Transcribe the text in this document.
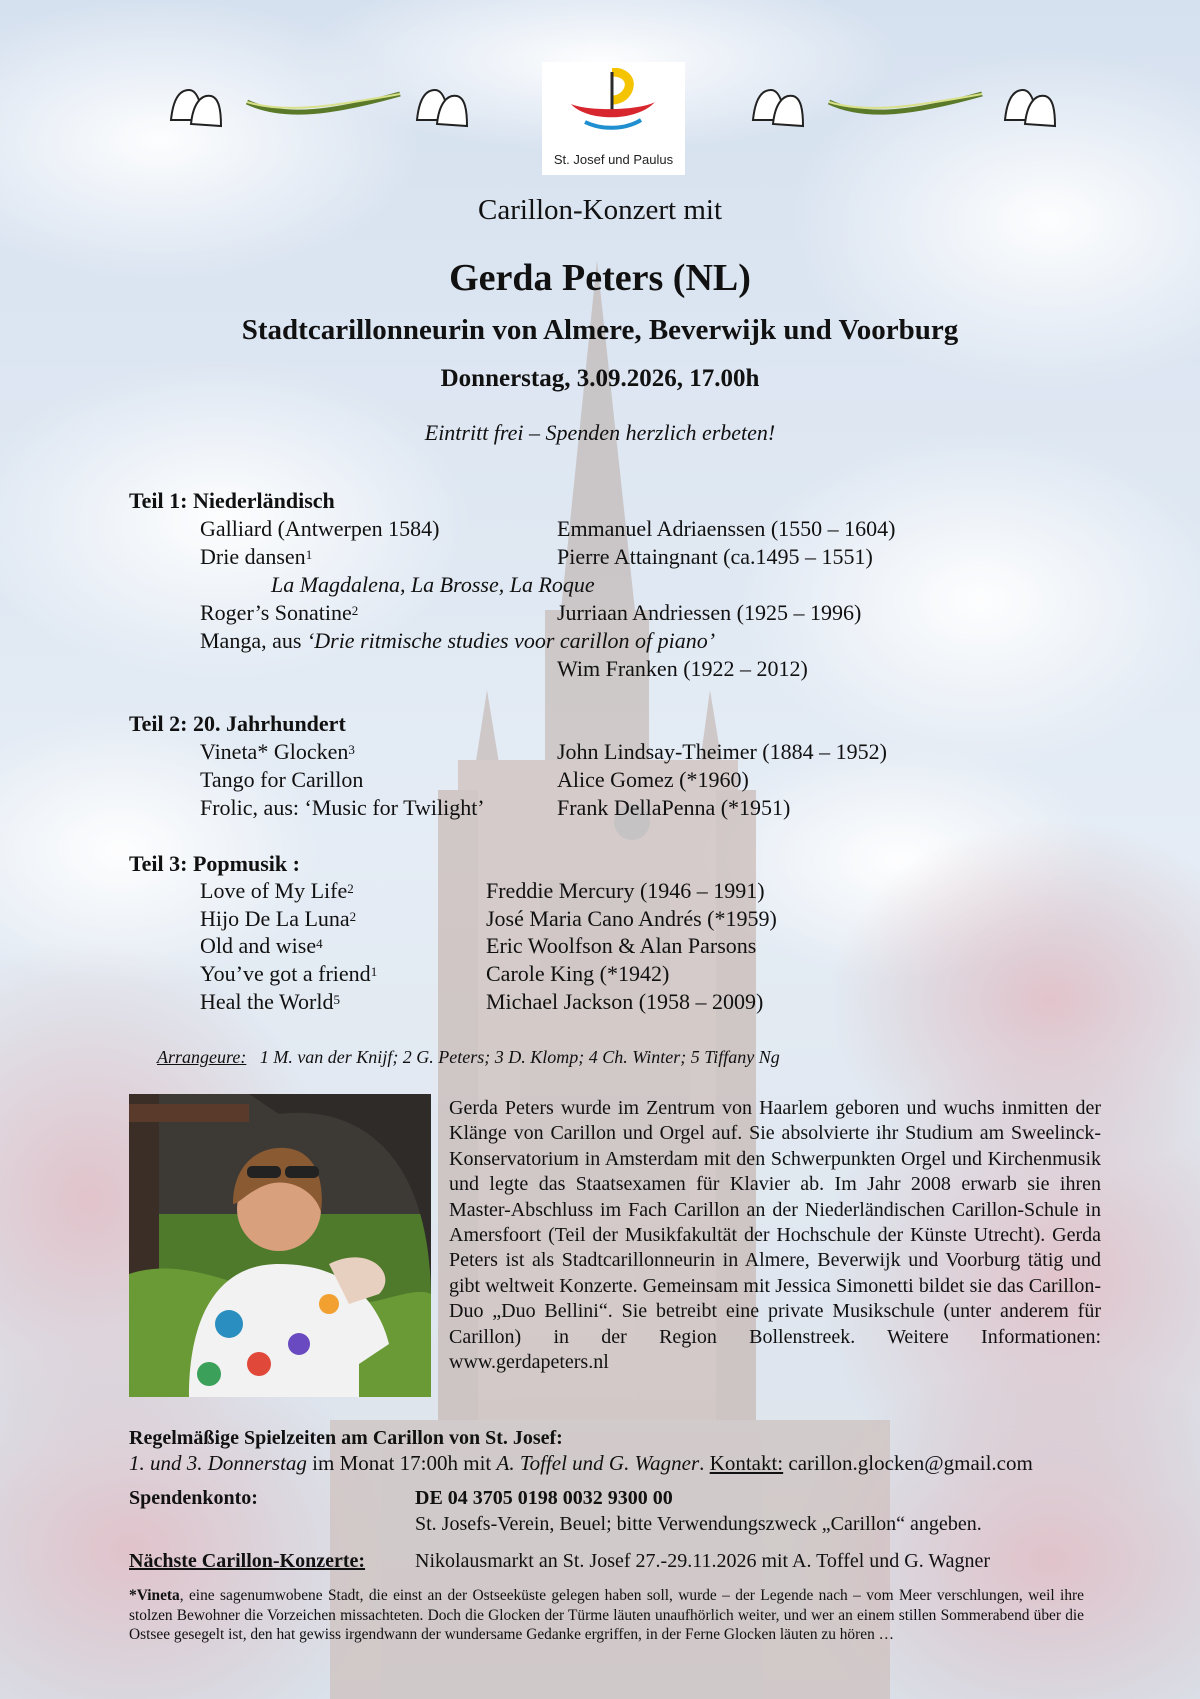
St. Josef und Paulus
Carillon-Konzert mit
Gerda Peters (NL)
Stadtcarillonneurin von Almere, Beverwijk und Voorburg
Donnerstag, 3.09.2026, 17.00h
Eintritt frei – Spenden herzlich erbeten!
Teil 1: Niederländisch
Galliard (Antwerpen 1584)	Emmanuel Adriaenssen (1550 – 1604)
Drie dansen$^1$	Pierre Attaingnant (ca.1495 – 1551)
La Magdalena, La Brosse, La Roque
Roger’s Sonatine$^2$	Jurriaan Andriessen (1925 – 1996)
Manga, aus ‘Drie ritmische studies voor carillon of piano’
Wim Franken (1922 – 2012)
Teil 2: 20. Jahrhundert
Vineta* Glocken$^3$	John Lindsay-Theimer (1884 – 1952)
Tango for Carillon	Alice Gomez (*1960)
Frolic, aus: ‘Music for Twilight’	Frank DellaPenna (*1951)
Teil 3: Popmusik :
Love of My Life$^2$	Freddie Mercury (1946 – 1991)
Hijo De La Luna$^2$	José Maria Cano Andrés (*1959)
Old and wise$^4$	Eric Woolfson & Alan Parsons
You’ve got a friend$^1$	Carole King (*1942)
Heal the World$^5$	Michael Jackson (1958 – 2009)
Arrangeure: 1 M. van der Knijf; 2 G. Peters; 3 D. Klomp; 4 Ch. Winter; 5 Tiffany Ng
Gerda Peters wurde im Zentrum von Haarlem geboren und wuchs inmitten der Klänge von Carillon und Orgel auf. Sie absolvierte ihr Studium am Sweelinck-Konservatorium in Amsterdam mit den Schwerpunkten Orgel und Kirchenmusik und legte das Staatsexamen für Klavier ab. Im Jahr 2008 erwarb sie ihren Master-Abschluss im Fach Carillon an der Niederländischen Carillon-Schule in Amersfoort (Teil der Musikfakultät der Hochschule der Künste Utrecht). Gerda Peters ist als Stadtcarillonneurin in Almere, Beverwijk und Voorburg tätig und gibt weltweit Konzerte. Gemeinsam mit Jessica Simonetti bildet sie das Carillon-Duo „Duo Bellini“. Sie betreibt eine private Musikschule (unter anderem für Carillon) in der Region Bollenstreek. Weitere Informationen: www.gerdapeters.nl
Regelmäßige Spielzeiten am Carillon von St. Josef:
1. und 3. Donnerstag im Monat 17:00h mit A. Toffel und G. Wagner. Kontakt: carillon.glocken@gmail.com
Spendenkonto:	DE 04 3705 0198 0032 9300 00
St. Josefs-Verein, Beuel; bitte Verwendungszweck „Carillon“ angeben.
Nächste Carillon-Konzerte: Nikolausmarkt an St. Josef 27.-29.11.2026 mit A. Toffel und G. Wagner
*Vineta, eine sagenumwobene Stadt, die einst an der Ostseeküste gelegen haben soll, wurde – der Legende nach – vom Meer verschlungen, weil ihre stolzen Bewohner die Vorzeichen missachteten. Doch die Glocken der Türme läuten unaufhörlich weiter, und wer an einem stillen Sommerabend über die Ostsee gesegelt ist, den hat gewiss irgendwann der wundersame Gedanke ergriffen, in der Ferne Glocken läuten zu hören …
